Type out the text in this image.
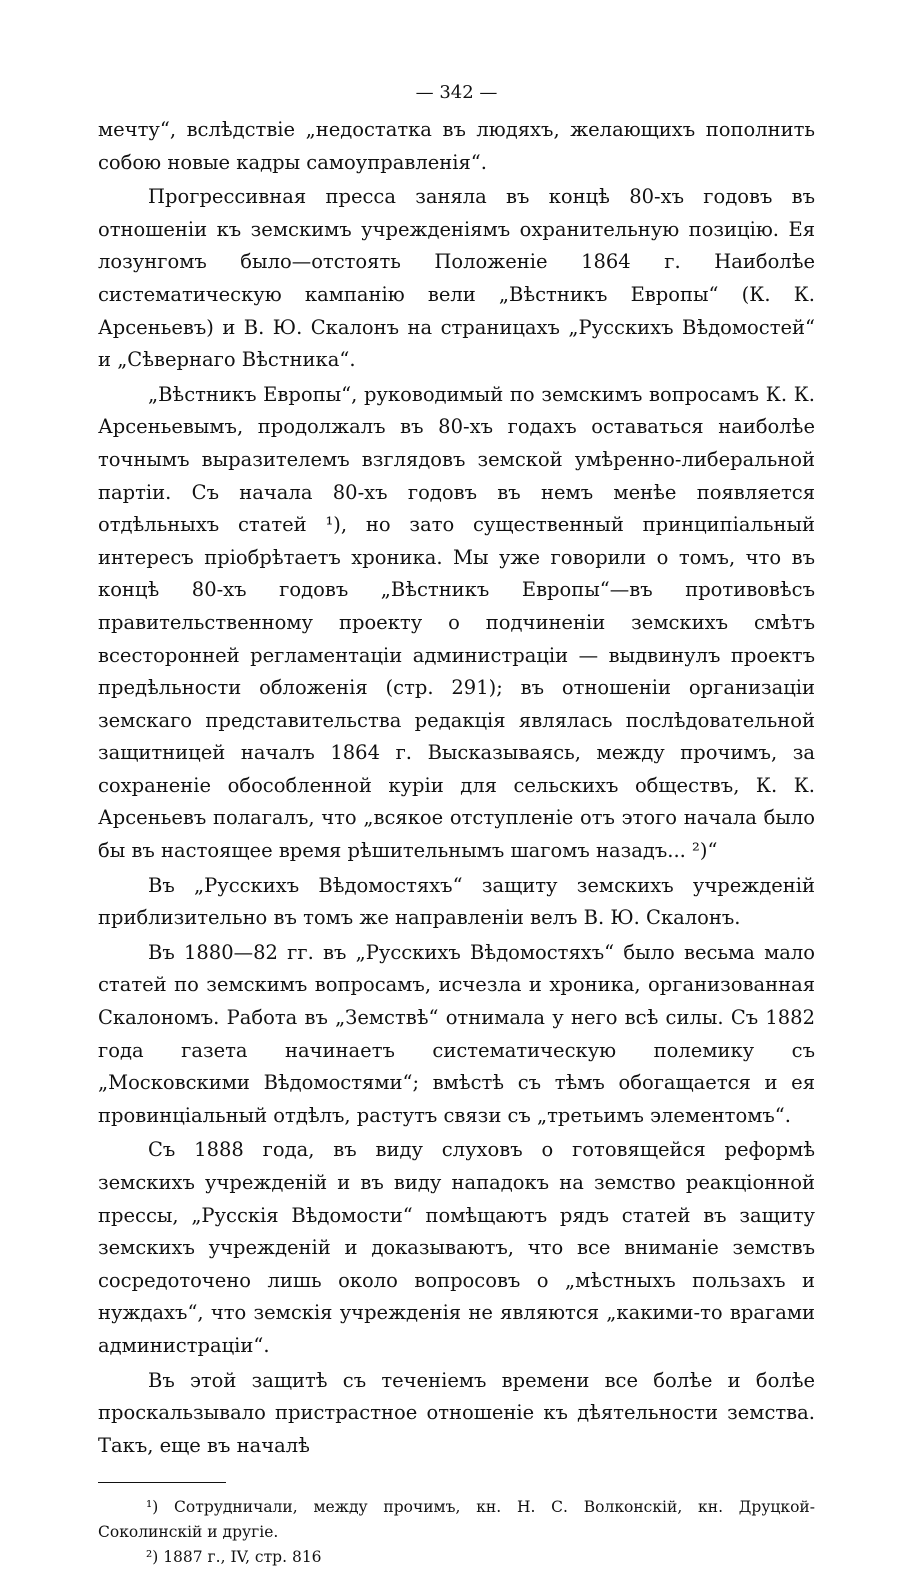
— 342 —

мечту“, вслѣдствіе „недостатка въ людяхъ, желающихъ пополнить собою новые кадры самоуправленія“.

Прогрессивная пресса заняла въ концѣ 80-хъ годовъ въ отношеніи къ земскимъ учрежденіямъ охранительную позицію. Ея лозунгомъ было—отстоять Положеніе 1864 г. Наиболѣе систематическую кампанію вели „Вѣстникъ Европы“ (К. К. Арсеньевъ) и В. Ю. Скалонъ на страницахъ „Русскихъ Вѣдомостей“ и „Сѣвернаго Вѣстника“.

„Вѣстникъ Европы“, руководимый по земскимъ вопросамъ К. К. Арсеньевымъ, продолжалъ въ 80-хъ годахъ оставаться наиболѣе точнымъ выразителемъ взглядовъ земской умѣренно-либеральной партіи. Съ начала 80-хъ годовъ въ немъ менѣе появляется отдѣльныхъ статей ¹), но зато существенный принципіальный интересъ пріобрѣтаетъ хроника. Мы уже говорили о томъ, что въ концѣ 80-хъ годовъ „Вѣстникъ Европы“—въ противовѣсъ правительственному проекту о подчиненіи земскихъ смѣтъ всесторонней регламентаціи администраціи — выдвинулъ проектъ предѣльности обложенія (стр. 291); въ отношеніи организаціи земскаго представительства редакція являлась послѣдовательной защитницей началъ 1864 г. Высказываясь, между прочимъ, за сохраненіе обособленной куріи для сельскихъ обществъ, К. К. Арсеньевъ полагалъ, что „всякое отступленіе отъ этого начала было бы въ настоящее время рѣшительнымъ шагомъ назадъ... ²)“

Въ „Русскихъ Вѣдомостяхъ“ защиту земскихъ учрежденій приблизительно въ томъ же направленіи велъ В. Ю. Скалонъ.

Въ 1880—82 гг. въ „Русскихъ Вѣдомостяхъ“ было весьма мало статей по земскимъ вопросамъ, исчезла и хроника, организованная Скалономъ. Работа въ „Земствѣ“ отнимала у него всѣ силы. Съ 1882 года газета начинаетъ систематическую полемику съ „Московскими Вѣдомостями“; вмѣстѣ съ тѣмъ обогащается и ея провинціальный отдѣлъ, растутъ связи съ „третьимъ элементомъ“.

Съ 1888 года, въ виду слуховъ о готовящейся реформѣ земскихъ учрежденій и въ виду нападокъ на земство реакціонной прессы, „Русскія Вѣдомости“ помѣщаютъ рядъ статей въ защиту земскихъ учрежденій и доказываютъ, что все вниманіе земствъ сосредоточено лишь около вопросовъ о „мѣстныхъ пользахъ и нуждахъ“, что земскія учрежденія не являются „какими-то врагами администраціи“.

Въ этой защитѣ съ теченіемъ времени все болѣе и болѣе проскальзывало пристрастное отношеніе къ дѣятельности земства. Такъ, еще въ началѣ

¹) Сотрудничали, между прочимъ, кн. Н. С. Волконскій, кн. Друцкой-Соколинскій и другіе.

²) 1887 г., IV, стр. 816
